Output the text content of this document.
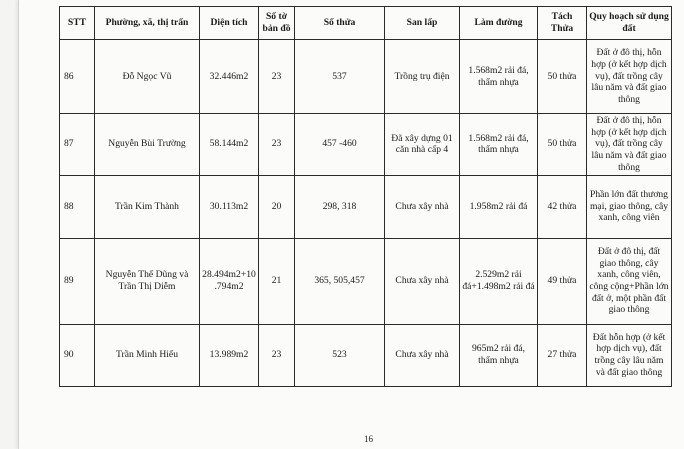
STT	Phường, xã, thị trấn	Diện tích	Số tờ bản đồ	Số thửa	San lấp	Làm đường	Tách Thửa	Quy hoạch sử dụng đất
86	Đỗ Ngọc Vũ	32.446m2	23	537	Trồng trụ điện	1.568m2 rải đá, thẩm nhựa	50 thửa	Đất ở đô thị, hỗn hợp (ở kết hợp dịch vụ), đất trồng cây lâu năm và đất giao thông
87	Nguyễn Bùi Trường	58.144m2	23	457 -460	Đã xây dựng 01 căn nhà cấp 4	1.568m2 rải đá, thẩm nhựa	50 thửa	Đất ở đô thị, hỗn hợp (ở kết hợp dịch vụ), đất trồng cây lâu năm và đất giao thông
88	Trần Kim Thành	30.113m2	20	298, 318	Chưa xây nhà	1.958m2 rải đá	42 thửa	Phần lớn đất thương mại, giao thông, cây xanh, công viên
89	Nguyễn Thế Dũng và Trần Thị Diễm	28.494m2+10.794m2	21	365, 505,457	Chưa xây nhà	2.529m2 rải đá+1.498m2 rải đá	49 thửa	Đất ở đô thị, đất giao thông, cây xanh, công viên, công cộng+Phần lớn đất ở, một phần đất giao thông
90	Trần Minh Hiếu	13.989m2	23	523	Chưa xây nhà	965m2 rải đá, thẩm nhựa	27 thửa	Đất hỗn hợp (ở kết hợp dịch vụ), đất trồng cây lâu năm và đất giao thông
16
